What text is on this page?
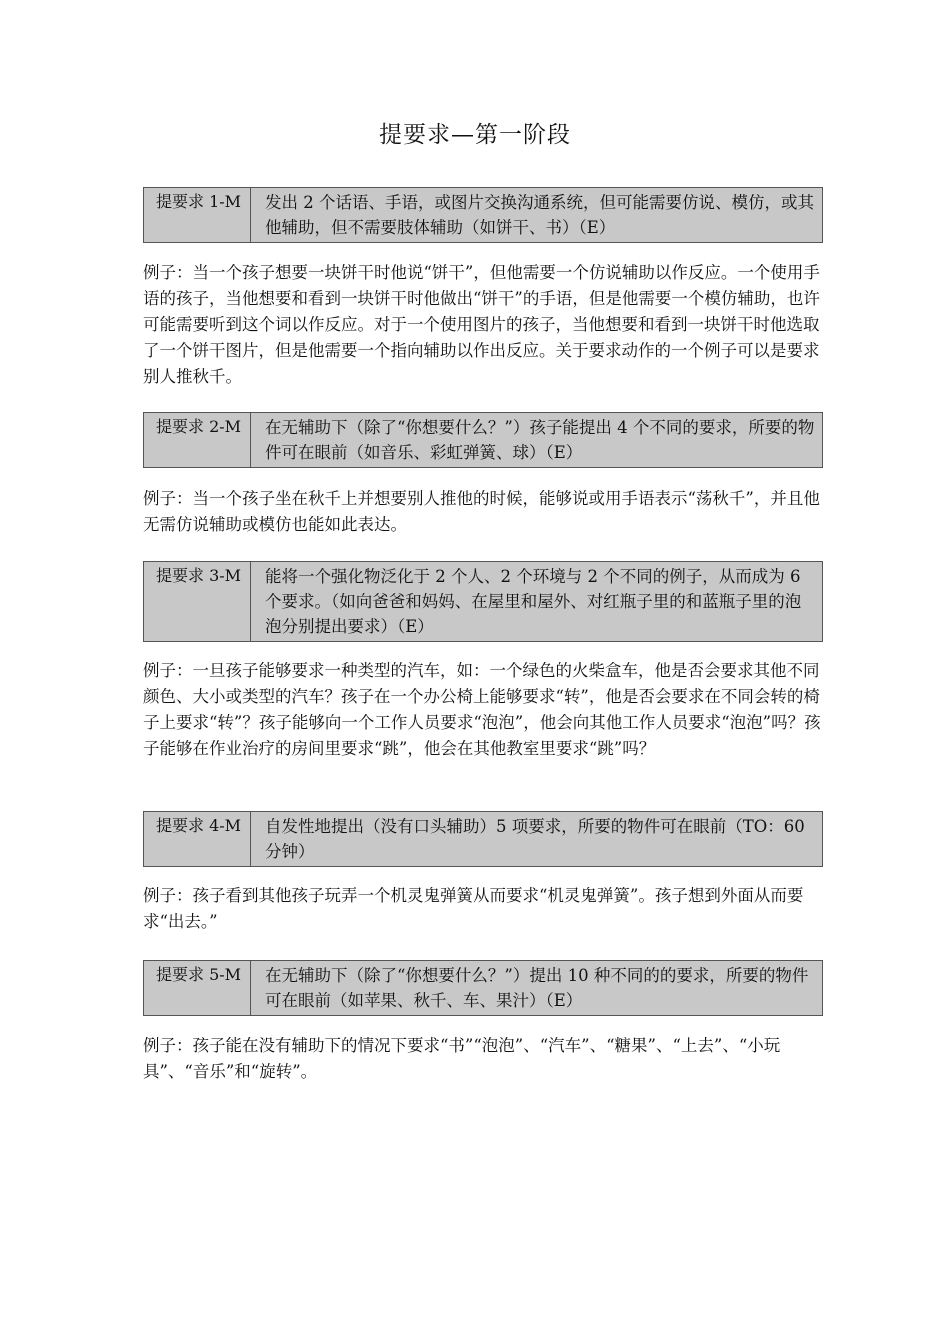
提要求—第一阶段
提要求 1-M	发出 2 个话语、手语，或图片交换沟通系统，但可能需要仿说、模仿，或其他辅助，但不需要肢体辅助（如饼干、书）（E）

例子：当一个孩子想要一块饼干时他说“饼干”，但他需要一个仿说辅助以作反应。一个使用手语的孩子，当他想要和看到一块饼干时他做出“饼干”的手语，但是他需要一个模仿辅助，也许可能需要听到这个词以作反应。对于一个使用图片的孩子，当他想要和看到一块饼干时他选取了一个饼干图片，但是他需要一个指向辅助以作出反应。关于要求动作的一个例子可以是要求别人推秋千。

提要求 2-M	在无辅助下（除了“你想要什么？”）孩子能提出 4 个不同的要求，所要的物件可在眼前（如音乐、彩虹弹簧、球）（E）

例子：当一个孩子坐在秋千上并想要别人推他的时候，能够说或用手语表示“荡秋千”，并且他无需仿说辅助或模仿也能如此表达。

提要求 3-M	能将一个强化物泛化于 2 个人、2 个环境与 2 个不同的例子，从而成为 6 个要求。（如向爸爸和妈妈、在屋里和屋外、对红瓶子里的和蓝瓶子里的泡泡分别提出要求）（E）

例子：一旦孩子能够要求一种类型的汽车，如：一个绿色的火柴盒车，他是否会要求其他不同颜色、大小或类型的汽车？孩子在一个办公椅上能够要求“转”，他是否会要求在不同会转的椅子上要求“转”？孩子能够向一个工作人员要求“泡泡”，他会向其他工作人员要求“泡泡”吗？孩子能够在作业治疗的房间里要求“跳”，他会在其他教室里要求“跳”吗？

提要求 4-M	自发性地提出（没有口头辅助）5 项要求，所要的物件可在眼前（TO：60 分钟）

例子：孩子看到其他孩子玩弄一个机灵鬼弹簧从而要求“机灵鬼弹簧”。孩子想到外面从而要求“出去。”

提要求 5-M	在无辅助下（除了“你想要什么？”）提出 10 种不同的的要求，所要的物件可在眼前（如苹果、秋千、车、果汁）（E）

例子：孩子能在没有辅助下的情况下要求“书”“泡泡”、“汽车”、“糖果”、“上去”、“小玩具”、“音乐”和“旋转”。
